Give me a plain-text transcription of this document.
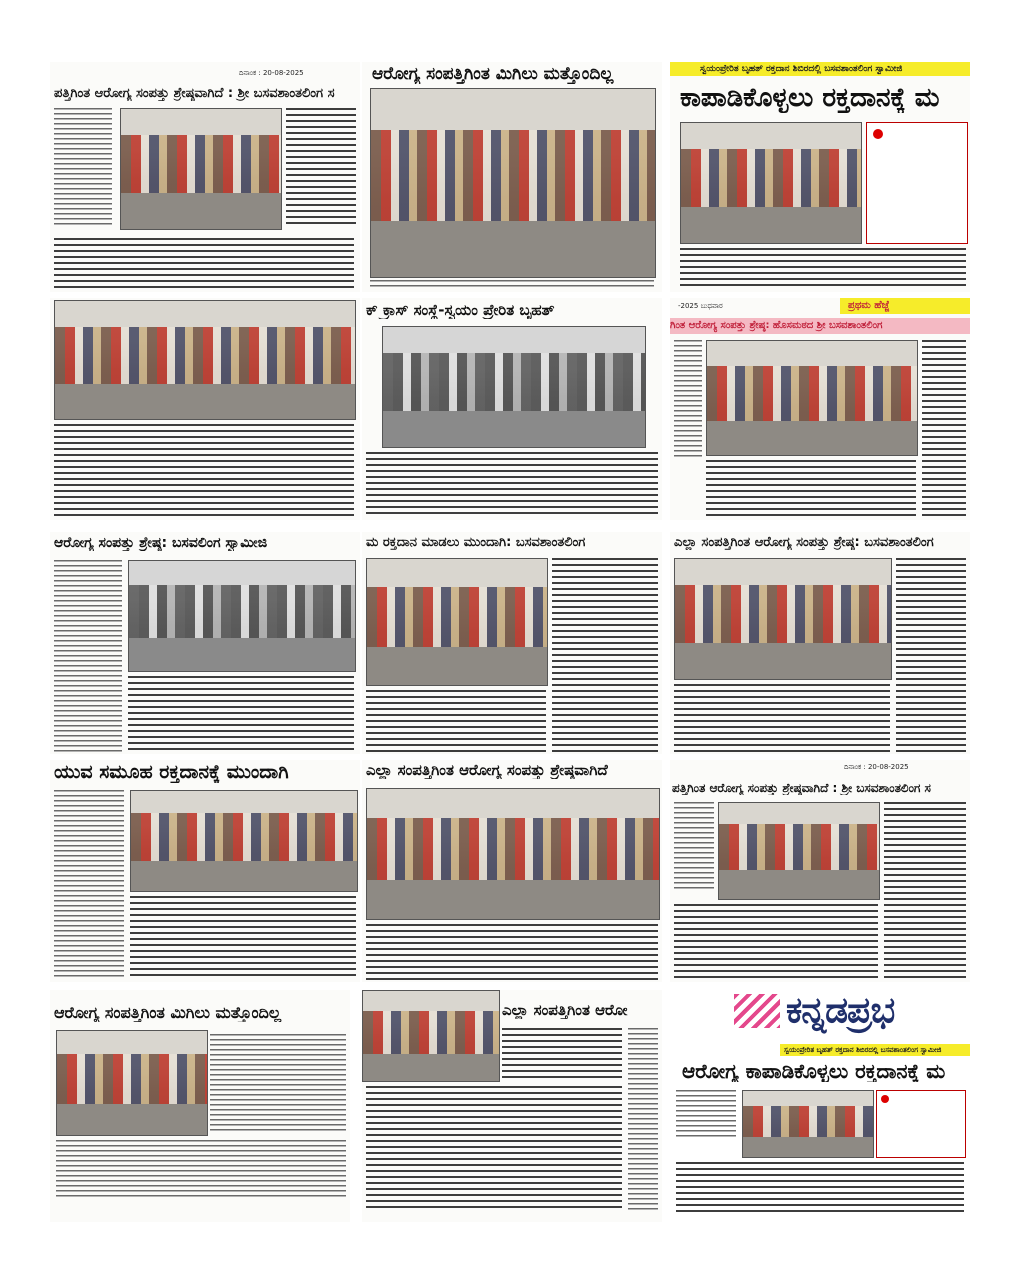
ದಿನಾಂಕ : 20-08-2025
ಪತ್ತಿಗಿಂತ ಆರೋಗ್ಯ ಸಂಪತ್ತು ಶ್ರೇಷ್ಠವಾಗಿದೆ : ಶ್ರೀ ಬಸವಶಾಂತಲಿಂಗ ಸ
ಆರೋಗ್ಯ ಸಂಪತ್ತಿಗಿಂತ ಮಿಗಿಲು ಮತ್ತೊಂದಿಲ್ಲ	ಸ್ವಯಂಪ್ರೇರಿತ ಬೃಹತ್ ರಕ್ತದಾನ ಶಿಬಿರದಲ್ಲಿ ಬಸವಶಾಂತಲಿಂಗ ಸ್ವಾಮೀಜಿ
ಕಾಪಾಡಿಕೊಳ್ಳಲು ರಕ್ತದಾನಕ್ಕೆ ಮ
ಕ್ ಕ್ರಾಸ್ ಸಂಸ್ಥೆ-ಸ್ವಯಂ ಪ್ರೇರಿತ ಬೃಹತ್	-2025 ಬುಧವಾರ	ಪ್ರಥಮ ಹೆಜ್ಜೆ
ಗಿಂತ ಆರೋಗ್ಯ ಸಂಪತ್ತು ಶ್ರೇಷ್ಠ: ಹೊಸಮಠದ ಶ್ರೀ ಬಸವಶಾಂತಲಿಂಗ
ಆರೋಗ್ಯ ಸಂಪತ್ತು ಶ್ರೇಷ್ಠ: ಬಸವಲಿಂಗ ಸ್ವಾಮೀಜಿ	ಮ ರಕ್ತದಾನ ಮಾಡಲು ಮುಂದಾಗಿ: ಬಸವಶಾಂತಲಿಂಗ	ಎಲ್ಲಾ ಸಂಪತ್ತಿಗಿಂತ ಆರೋಗ್ಯ ಸಂಪತ್ತು ಶ್ರೇಷ್ಠ: ಬಸವಶಾಂತಲಿಂಗ
ಯುವ ಸಮೂಹ ರಕ್ತದಾನಕ್ಕೆ ಮುಂದಾಗಿ	ಎಲ್ಲಾ ಸಂಪತ್ತಿಗಿಂತ ಆರೋಗ್ಯ ಸಂಪತ್ತು ಶ್ರೇಷ್ಠವಾಗಿದೆ	ದಿನಾಂಕ : 20-08-2025
ಪತ್ತಿಗಿಂತ ಆರೋಗ್ಯ ಸಂಪತ್ತು ಶ್ರೇಷ್ಠವಾಗಿದೆ : ಶ್ರೀ ಬಸವಶಾಂತಲಿಂಗ ಸ
ಆರೋಗ್ಯ ಸಂಪತ್ತಿಗಿಂತ ಮಿಗಿಲು ಮತ್ತೊಂದಿಲ್ಲ	ಎಲ್ಲಾ ಸಂಪತ್ತಿಗಿಂತ ಆರೋ	ಕನ್ನಡಪ್ರಭ
ಸ್ವಯಂಪ್ರೇರಿತ ಬೃಹತ್ ರಕ್ತದಾನ ಶಿಬಿರದಲ್ಲಿ ಬಸವಶಾಂತಲಿಂಗ ಸ್ವಾಮೀಜಿ
ಆರೋಗ್ಯ ಕಾಪಾಡಿಕೊಳ್ಳಲು ರಕ್ತದಾನಕ್ಕೆ ಮ
